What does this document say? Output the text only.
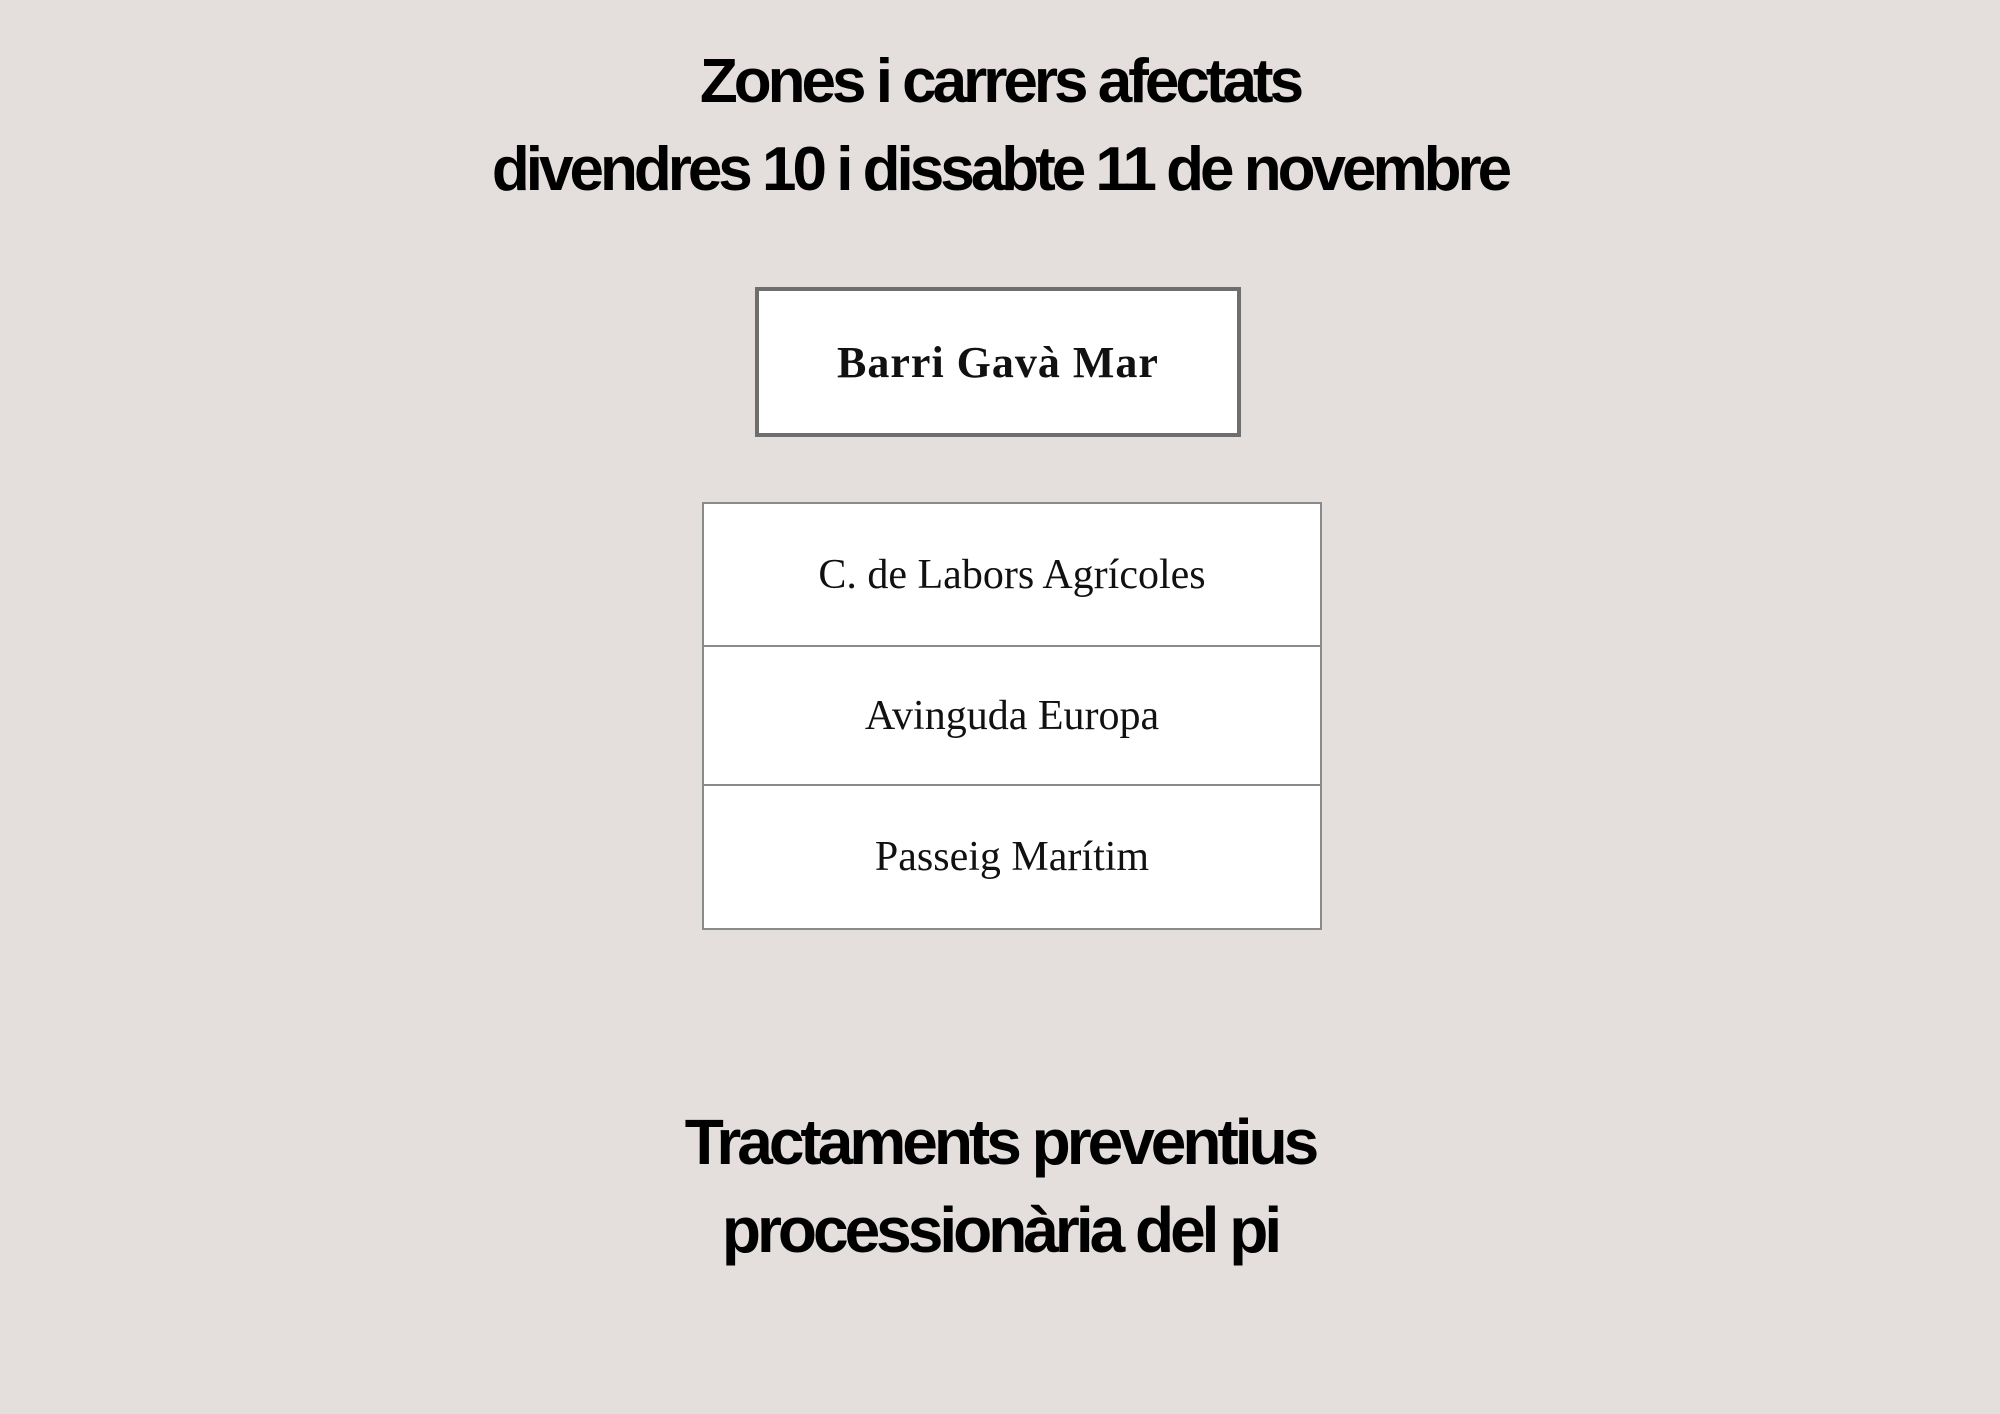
Zones i carrers afectats
divendres 10 i dissabte 11 de novembre
Barri Gavà Mar
C. de Labors Agrícoles
Avinguda Europa
Passeig Marítim
Tractaments preventius
processionària del pi
